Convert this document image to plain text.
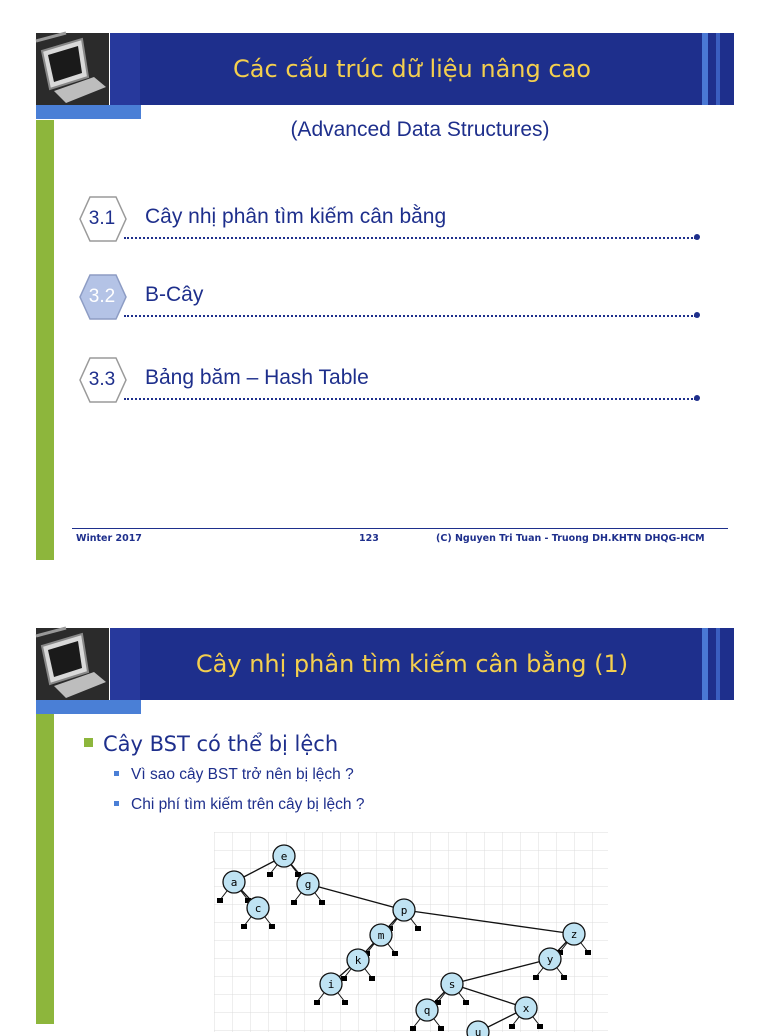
Các cấu trúc dữ liệu nâng cao
(Advanced Data Structures)
3.1	Cây nhị phân tìm kiếm cân bằng
3.2	B-Cây
3.3	Bảng băm – Hash Table
Winter 2017	123	(C) Nguyen Tri Tuan - Truong DH.KHTN DHQG-HCM
Cây nhị phân tìm kiếm cân bằng (1)
Cây BST có thể bị lệch
Vì sao cây BST trở nên bị lệch ?
Chi phí tìm kiếm trên cây bị lệch ?
e
a
c
g
p
m
k
i
z
y
s
q	x
u
